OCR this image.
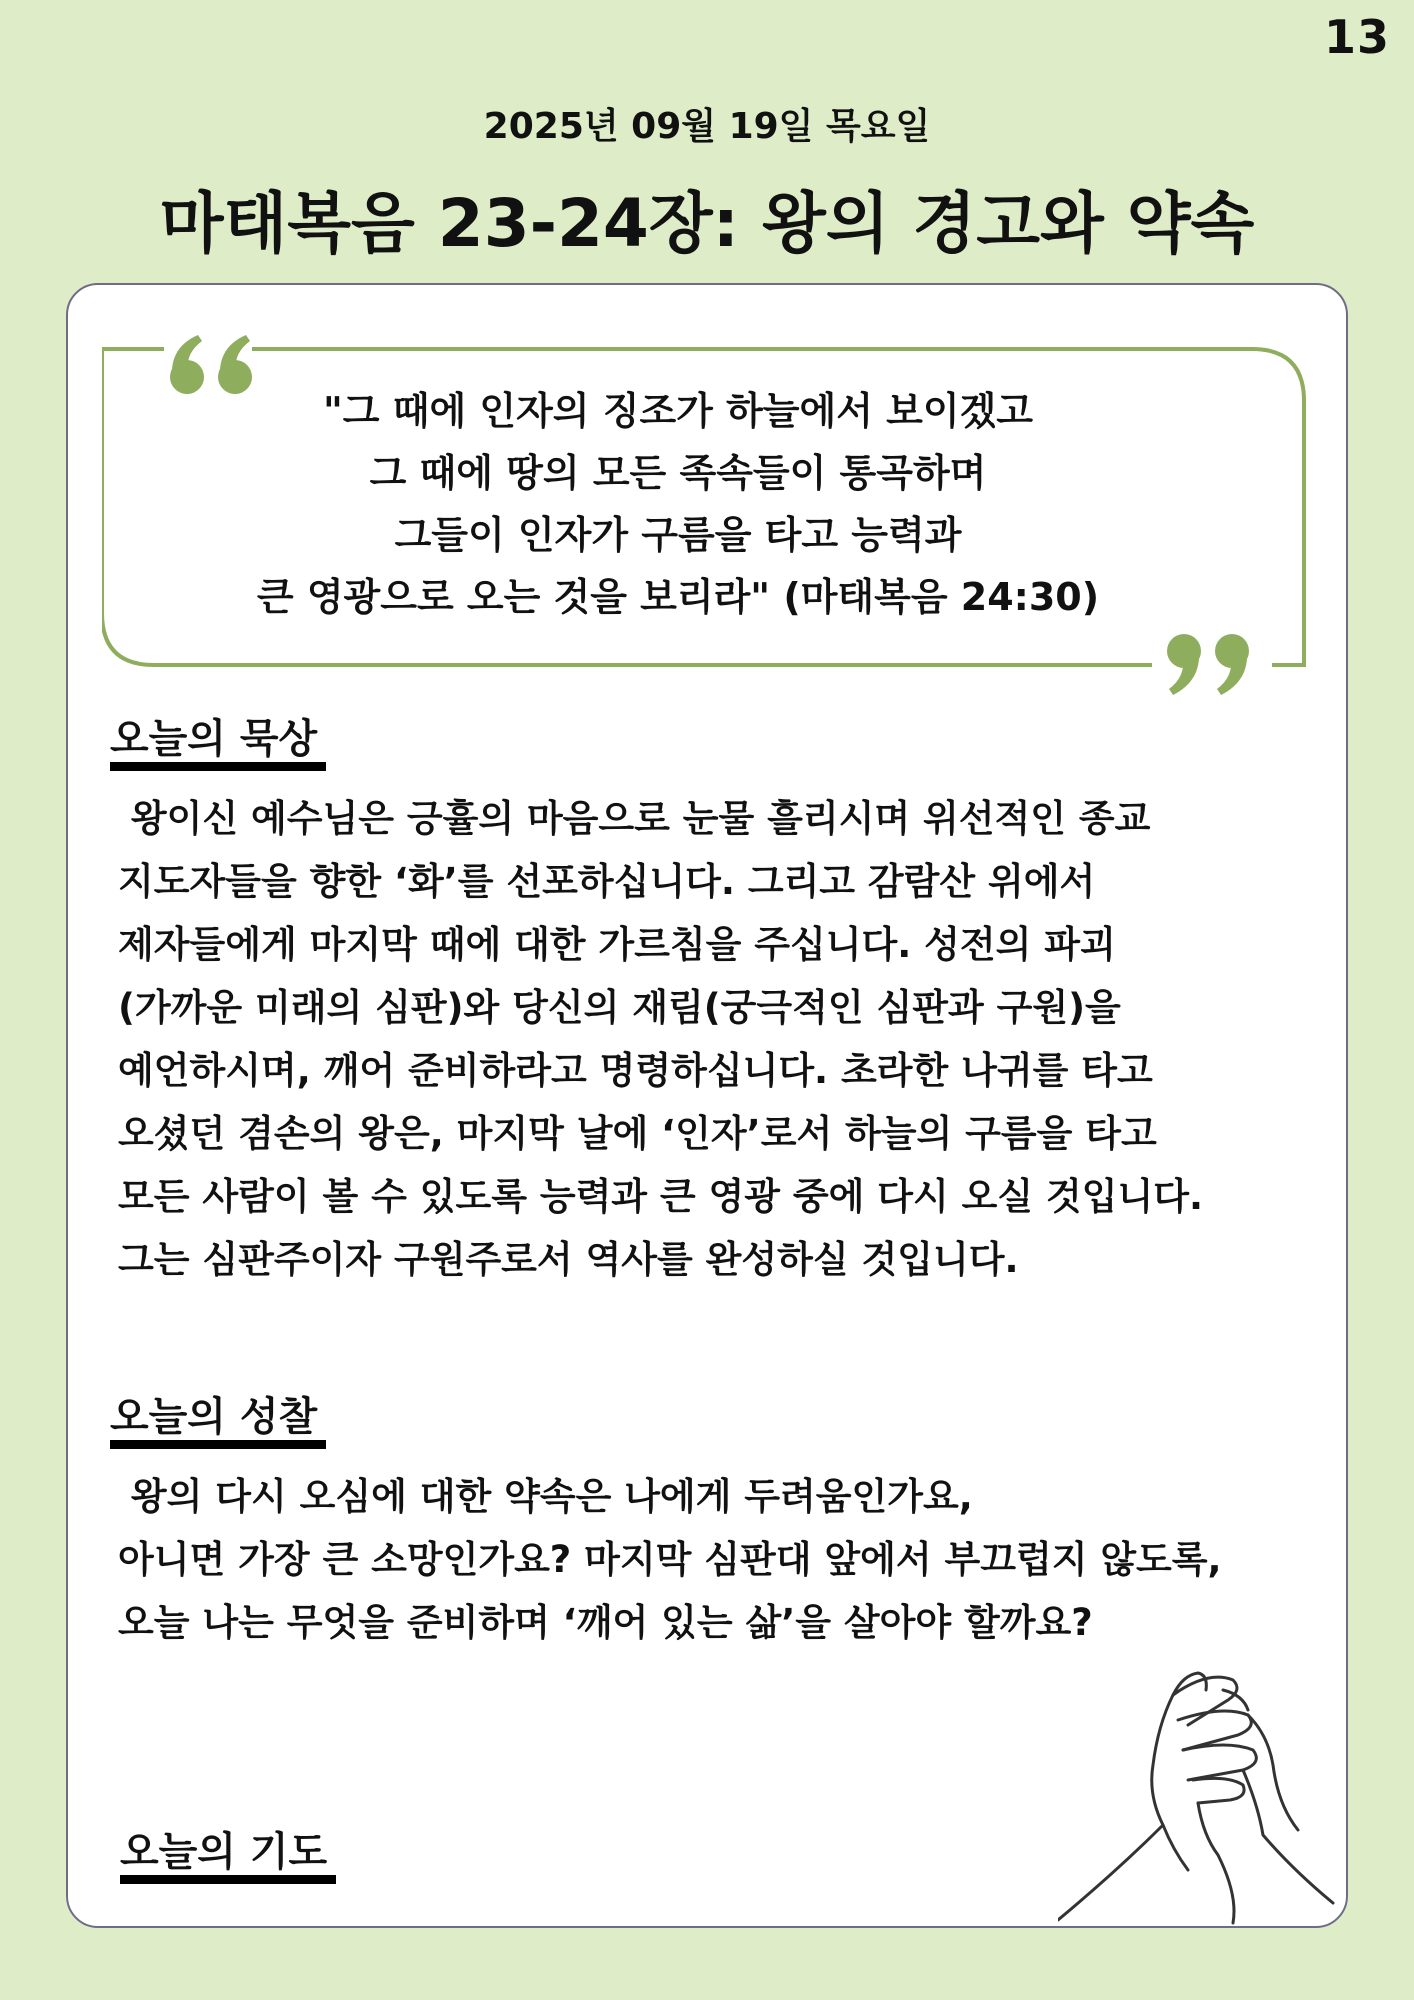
13
2025년 09월 19일 목요일
마태복음 23-24장: 왕의 경고와 약속
"그 때에 인자의 징조가 하늘에서 보이겠고
그 때에 땅의 모든 족속들이 통곡하며
그들이 인자가 구름을 타고 능력과
큰 영광으로 오는 것을 보리라" (마태복음 24:30)
오늘의 묵상

왕이신 예수님은 긍휼의 마음으로 눈물 흘리시며 위선적인 종교

지도자들을 향한 ‘화’를 선포하십니다. 그리고 감람산 위에서

제자들에게 마지막 때에 대한 가르침을 주십니다. 성전의 파괴

(가까운 미래의 심판)와 당신의 재림(궁극적인 심판과 구원)을

예언하시며, 깨어 준비하라고 명령하십니다. 초라한 나귀를 타고

오셨던 겸손의 왕은, 마지막 날에 ‘인자’로서 하늘의 구름을 타고

모든 사람이 볼 수 있도록 능력과 큰 영광 중에 다시 오실 것입니다.

그는 심판주이자 구원주로서 역사를 완성하실 것입니다.

오늘의 성찰

왕의 다시 오심에 대한 약속은 나에게 두려움인가요,

아니면 가장 큰 소망인가요? 마지막 심판대 앞에서 부끄럽지 않도록,

오늘 나는 무엇을 준비하며 ‘깨어 있는 삶’을 살아야 할까요?

오늘의 기도
